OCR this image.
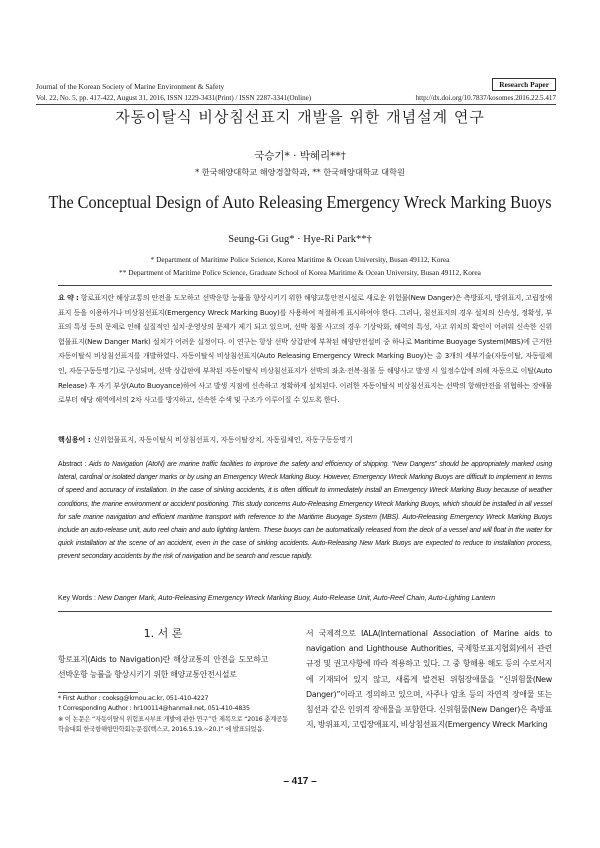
Journal of the Korean Society of Marine Environment & Safety	Research Paper
Vol. 22, No. 5, pp. 417-422, August 31, 2016, ISSN 1229-3431(Print) / ISSN 2287-3341(Online)	http://dx.doi.org/10.7837/kosomes.2016.22.5.417
자동이탈식 비상침선표지 개발을 위한 개념설계 연구
국승기* · 박혜리**†
* 한국해양대학교 해양경찰학과, ** 한국해양대학교 대학원
The Conceptual Design of Auto Releasing Emergency Wreck Marking Buoys
Seung-Gi Gug* · Hye-Ri Park**†
* Department of Maritime Police Science, Korea Maritime & Ocean University, Busan 49112, Korea
** Department of Maritime Police Science, Graduate School of Korea Maritime & Ocean University, Busan 49112, Korea
요 약 : 항로표지란 해상교통의 안전을 도모하고 선박운항 능률을 향상시키기 위한 해양교통안전시설로 새로운 위험물(New Danger)은 측방표지, 방위표지, 고립장애표지 등을 이용하거나 비상침선표지(Emergency Wreck Marking Buoy)를 사용하여 적절하게 표시하여야 한다. 그러나, 침선표지의 경우 설치의 신속성, 정확성, 부표의 특성 등의 문제로 인해 실질적인 설치·운영상의 문제가 제기 되고 있으며, 선박 침몰 사고의 경우 기상악화, 해역의 특성, 사고 위치의 확인이 어려워 신속한 신위험물표지(New Danger Mark) 설치가 어려운 실정이다. 이 연구는 항상 선박 상갑판에 부착된 해양안전설비 중 하나로 Maritime Buoyage System(MBS)에 근거한 자동이탈식 비상침선표지를 개발하였다. 자동이탈식 비상침선표지(Auto Releasing Emergency Wreck Marking Buoy)는 총 3개의 세부기술(자동이탈, 자동릴체인, 자동구동등명기)로 구성되며, 선박 상갑판에 부착된 자동이탈식 비상침선표지가 선박의 좌초·전복·침몰 등 해양사고 발생 시 일정수압에 의해 자동으로 이탈(Auto Release) 후 자기 부상(Auto Buoyance)하여 사고 발생 지점에 신속하고 정확하게 설치된다. 이러한 자동이탈식 비상침선표지는 선박의 항해안전을 위협하는 장애물로부터 해당 해역에서의 2차 사고를 방지하고, 신속한 수색 및 구조가 이루어질 수 있도록 한다.
핵심용어 : 신위험물표지, 자동이탈식 비상침선표지, 자동이탈장치, 자동릴체인, 자동구동등명기
Abstract : Aids to Navigation (AtoN) are marine traffic facilities to improve the safety and efficiency of shipping. “New Dangers” should be appropriately marked using lateral, cardinal or isolated danger marks or by using an Emergency Wreck Marking Buoy. However, Emergency Wreck Marking Buoys are difficult to implement in terms of speed and accuracy of installation. In the case of sinking accidents, it is often difficult to immediately install an Emergency Wreck Marking Buoy because of weather conditions, the marine environment or accident positioning. This study concerns Auto-Releasing Emergency Wreck Marking Buoys, which should be installed in all vessel for safe marine navigation and efficient maritime transport with reference to the Maritime Buoyage System (MBS). Auto-Releasing Emergency Wreck Marking Buoys include an auto-release unit, auto reel chain and auto lighting lantern. These buoys can be automatically released from the deck of a vessel and will float in the water for quick installation at the scene of an accident, even in the case of sinking accidents. Auto-Releasing New Mark Buoys are expected to reduce to installation process, prevent secondary accidents by the risk of navigation and be search and rescue rapidly.
Key Words : New Danger Mark, Auto-Releasing Emergency Wreck Marking Buoy, Auto-Release Unit, Auto-Reel Chain, Auto-Lighting Lantern
1. 서 론
항로표지(Aids to Navigation)란 해상교통의 안전을 도모하고 선박운항 능률을 향상시키기 위한 해양교통안전시설로
* First Author : cooksg@kmou.ac.kr, 051-410-4227
† Corresponding Author : hr100114@hanmail.net, 051-410-4835
※ 이 논문은 “자동이탈식 위험표시부표 개발에 관한 연구”란 제목으로 “2016 춘계공동학술대회 한국항해항만학회논문집(벡스코, 2016.5.19.~20.)” 에 발표되었음.
서 국제적으로 IALA(International Association of Marine aids to navigation and Lighthouse Authorities, 국제항로표지협회)에서 관련 규정 및 권고사항에 따라 적용하고 있다. 그 중 항해용 해도 등의 수로서지에 기재되어 있지 않고, 새롭게 발견된 위험장애물을 “신위험물(New Danger)”이라고 정의하고 있으며, 사주나 암초 등의 자연적 장애물 또는 침선과 같은 인위적 장애물을 포함한다. 신위험물(New Danger)은 측방표지, 방위표지, 고립장애표지, 비상침선표지(Emergency Wreck Marking
– 417 –
